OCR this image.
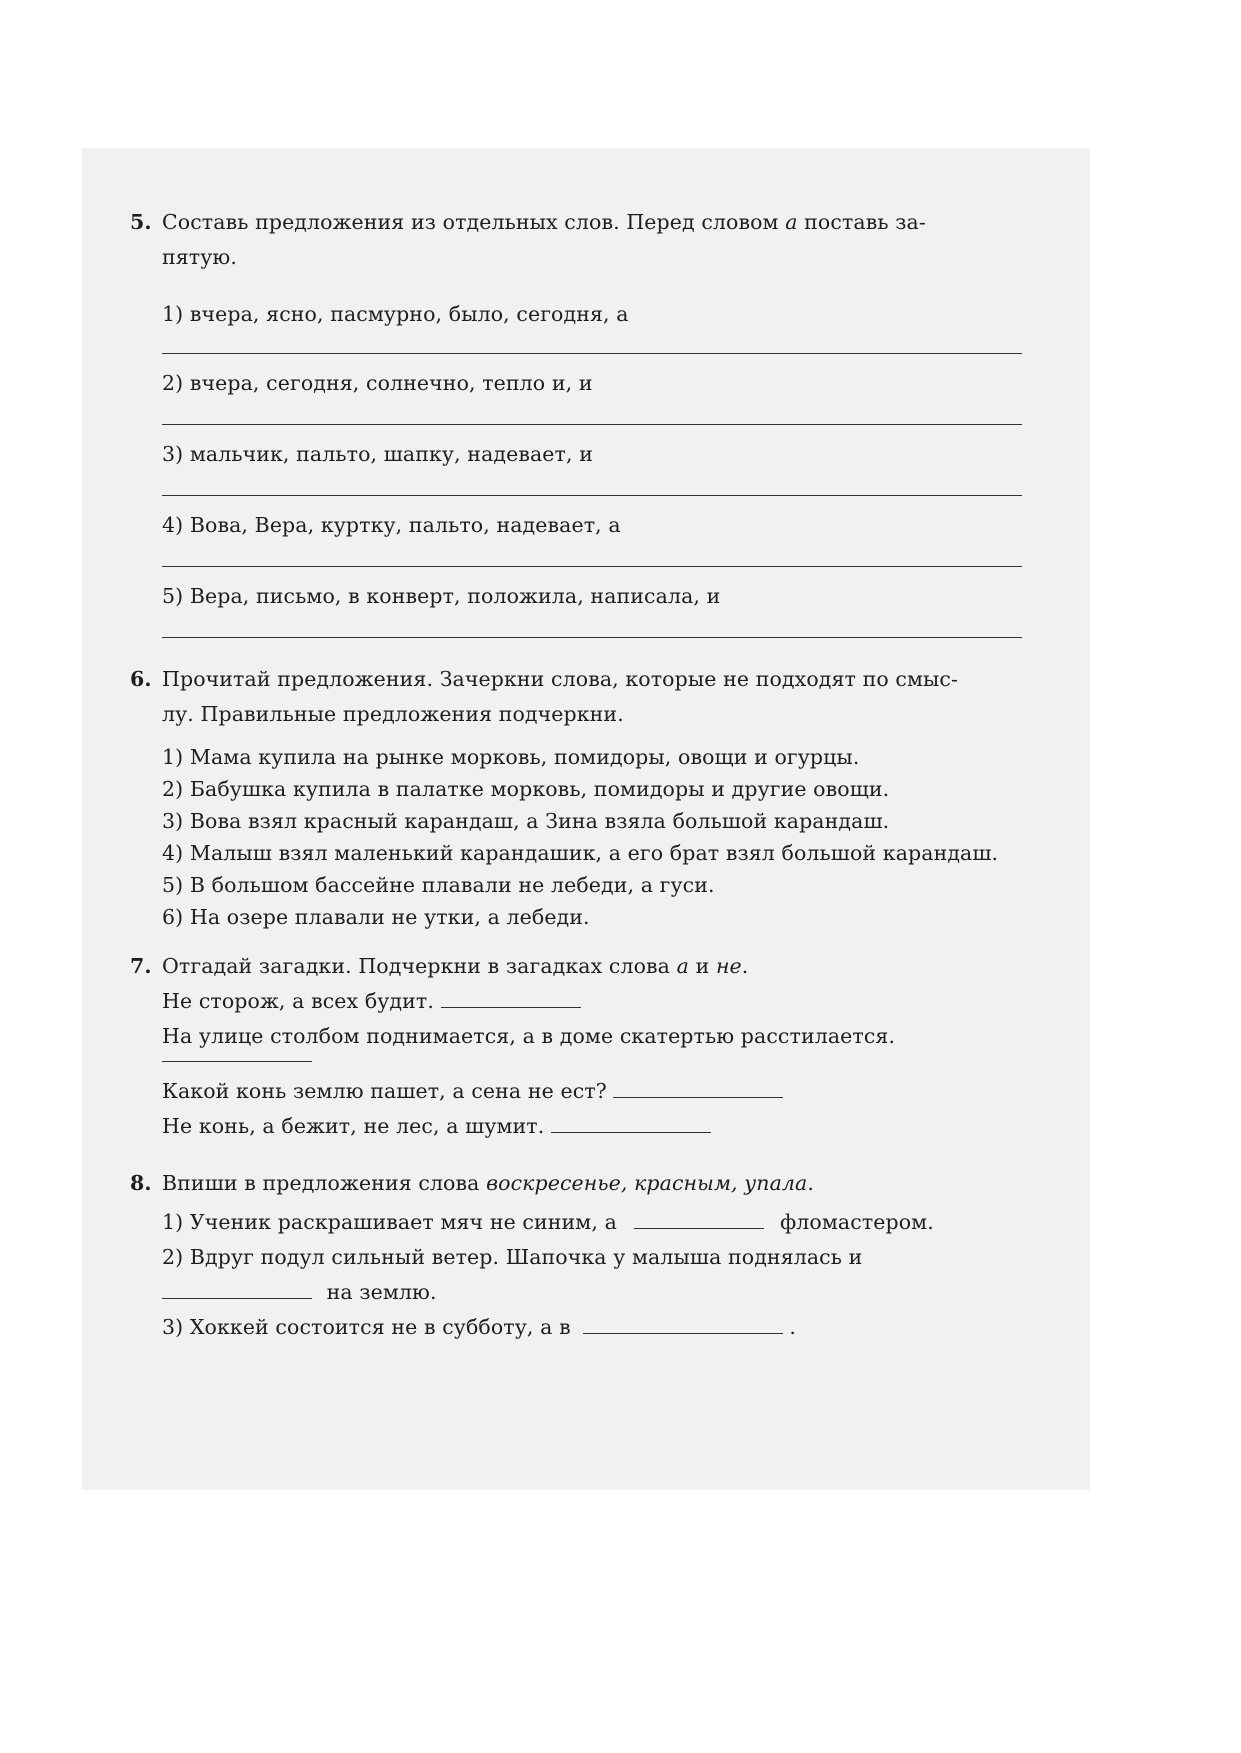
5. Составь предложения из отдельных слов. Перед словом а поставь за-
пятую.
1) вчера, ясно, пасмурно, было, сегодня, а
2) вчера, сегодня, солнечно, тепло и, и
3) мальчик, пальто, шапку, надевает, и
4) Вова, Вера, куртку, пальто, надевает, а
5) Вера, письмо, в конверт, положила, написала, и
6. Прочитай предложения. Зачеркни слова, которые не подходят по смыс-
лу. Правильные предложения подчеркни.
1) Мама купила на рынке морковь, помидоры, овощи и огурцы.
2) Бабушка купила в палатке морковь, помидоры и другие овощи.
3) Вова взял красный карандаш, а Зина взяла большой карандаш.
4) Малыш взял маленький карандашик, а его брат взял большой карандаш.
5) В большом бассейне плавали не лебеди, а гуси.
6) На озере плавали не утки, а лебеди.
7. Отгадай загадки. Подчеркни в загадках слова а и не.
Не сторож, а всех будит.
На улице столбом поднимается, а в доме скатертью расстилается.
Какой конь землю пашет, а сена не ест?
Не конь, а бежит, не лес, а шумит.
8. Впиши в предложения слова воскресенье, красным, упала.
1) Ученик раскрашивает мяч не синим, а	фломастером.
2) Вдруг подул сильный ветер. Шапочка у малыша поднялась и
на землю.
3) Хоккей состоится не в субботу, а в	.
